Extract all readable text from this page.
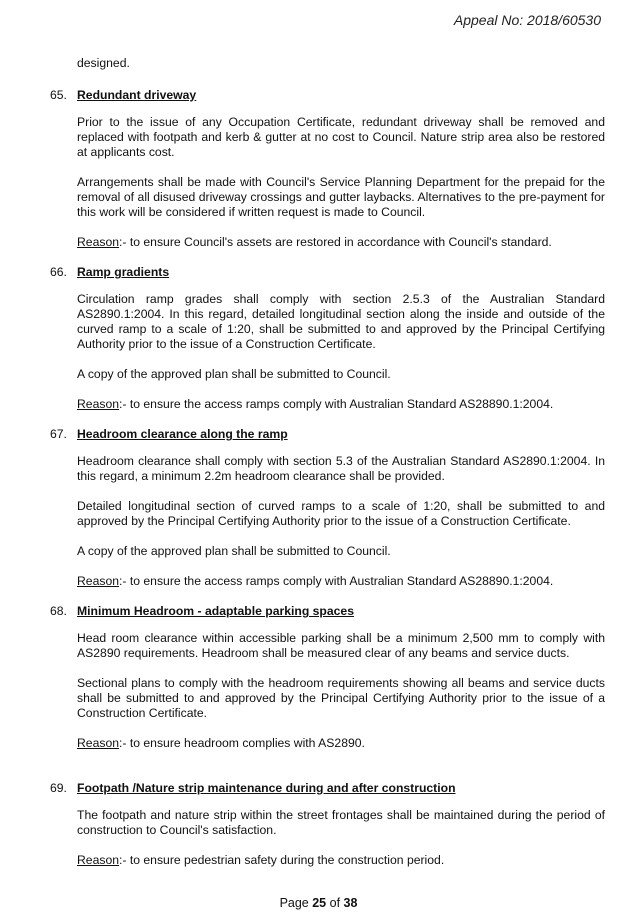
Appeal No: 2018/60530

designed.

65. Redundant driveway

Prior to the issue of any Occupation Certificate, redundant driveway shall be removed and replaced with footpath and kerb & gutter at no cost to Council. Nature strip area also be restored at applicants cost.

Arrangements shall be made with Council's Service Planning Department for the prepaid for the removal of all disused driveway crossings and gutter laybacks. Alternatives to the pre-payment for this work will be considered if written request is made to Council.

Reason:- to ensure Council's assets are restored in accordance with Council's standard.

66. Ramp gradients

Circulation ramp grades shall comply with section 2.5.3 of the Australian Standard AS2890.1:2004. In this regard, detailed longitudinal section along the inside and outside of the curved ramp to a scale of 1:20, shall be submitted to and approved by the Principal Certifying Authority prior to the issue of a Construction Certificate.

A copy of the approved plan shall be submitted to Council.

Reason:- to ensure the access ramps comply with Australian Standard AS28890.1:2004.

67. Headroom clearance along the ramp

Headroom clearance shall comply with section 5.3 of the Australian Standard AS2890.1:2004. In this regard, a minimum 2.2m headroom clearance shall be provided.

Detailed longitudinal section of curved ramps to a scale of 1:20, shall be submitted to and approved by the Principal Certifying Authority prior to the issue of a Construction Certificate.

A copy of the approved plan shall be submitted to Council.

Reason:- to ensure the access ramps comply with Australian Standard AS28890.1:2004.

68. Minimum Headroom - adaptable parking spaces

Head room clearance within accessible parking shall be a minimum 2,500 mm to comply with AS2890 requirements. Headroom shall be measured clear of any beams and service ducts.

Sectional plans to comply with the headroom requirements showing all beams and service ducts shall be submitted to and approved by the Principal Certifying Authority prior to the issue of a Construction Certificate.

Reason:- to ensure headroom complies with AS2890.

69. Footpath /Nature strip maintenance during and after construction

The footpath and nature strip within the street frontages shall be maintained during the period of construction to Council's satisfaction.

Reason:- to ensure pedestrian safety during the construction period.

Page 25 of 38
